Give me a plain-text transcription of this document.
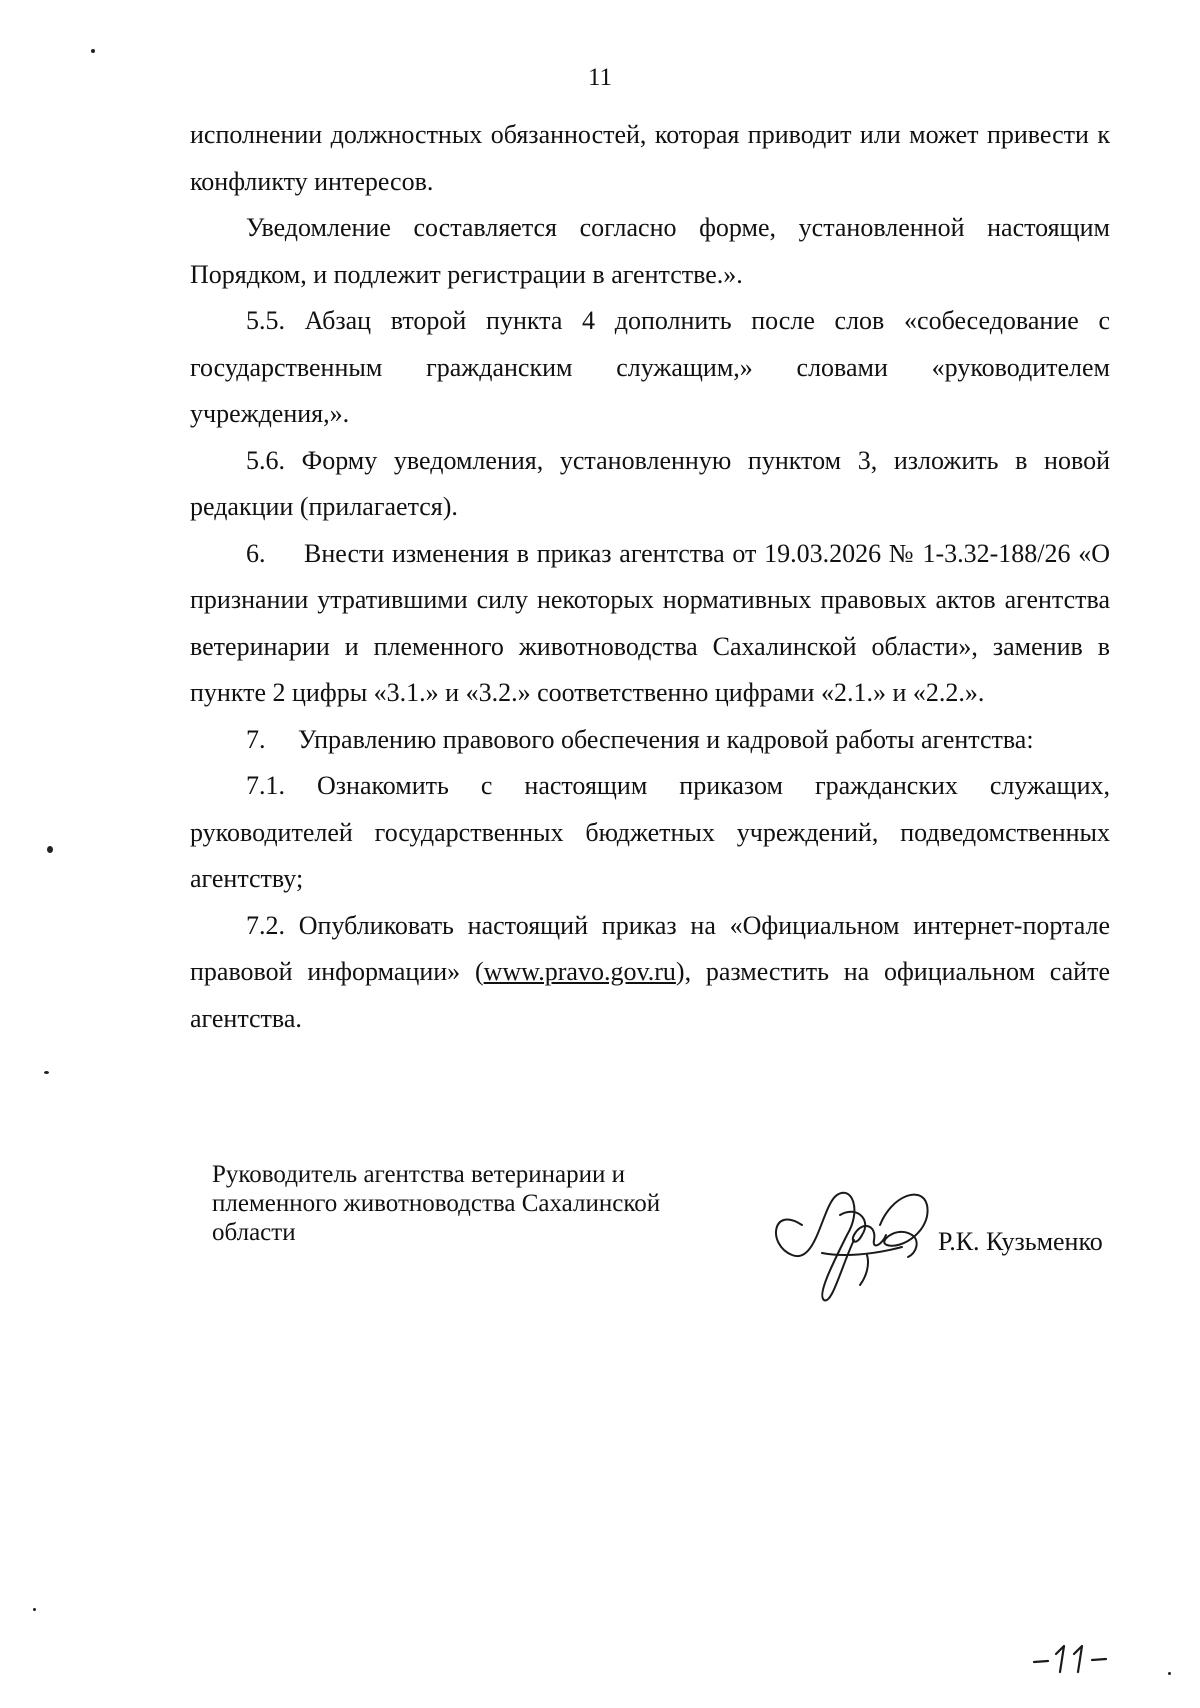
11

исполнении должностных обязанностей, которая приводит или может привести к конфликту интересов.

Уведомление составляется согласно форме, установленной настоящим Порядком, и подлежит регистрации в агентстве.».

5.5. Абзац второй пункта 4 дополнить после слов «собеседование с государственным гражданским служащим,» словами «руководителем учреждения,».

5.6. Форму уведомления, установленную пунктом 3, изложить в новой редакции (прилагается).

6.     Внести изменения в приказ агентства от 19.03.2026 № 1-3.32-188/26 «О признании утратившими силу некоторых нормативных правовых актов агентства ветеринарии и племенного животноводства Сахалинской области», заменив в пункте 2 цифры «3.1.» и «3.2.» соответственно цифрами «2.1.» и «2.2.».

7.     Управлению правового обеспечения и кадровой работы агентства:

7.1. Ознакомить с настоящим приказом гражданских служащих, руководителей государственных бюджетных учреждений, подведомственных агентству;

7.2. Опубликовать настоящий приказ на «Официальном интернет-портале правовой информации» (www.pravo.gov.ru), разместить на официальном сайте агентства.

Руководитель агентства ветеринарии и
племенного животноводства Сахалинской
области	Р.К. Кузьменко
